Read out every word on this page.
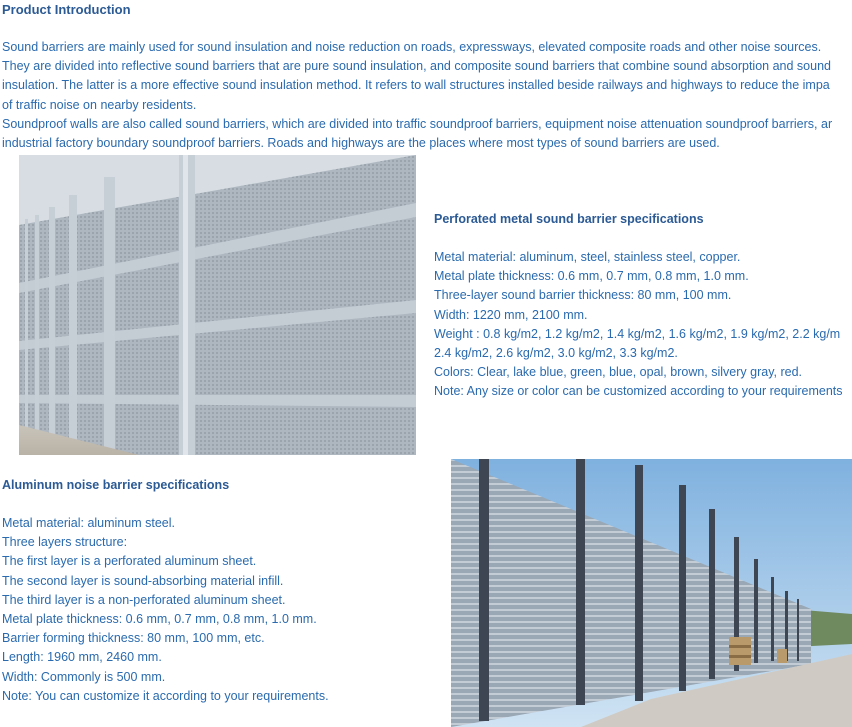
Product Introduction

Sound barriers are mainly used for sound insulation and noise reduction on roads, expressways, elevated composite roads and other noise sources.

They are divided into reflective sound barriers that are pure sound insulation, and composite sound barriers that combine sound absorption and sound

insulation. The latter is a more effective sound insulation method. It refers to wall structures installed beside railways and highways to reduce the impa

of traffic noise on nearby residents.

Soundproof walls are also called sound barriers, which are divided into traffic soundproof barriers, equipment noise attenuation soundproof barriers, ar

industrial factory boundary soundproof barriers. Roads and highways are the places where most types of sound barriers are used.

Perforated metal sound barrier specifications
Metal material: aluminum, steel, stainless steel, copper.
Metal plate thickness: 0.6 mm, 0.7 mm, 0.8 mm, 1.0 mm.
Three-layer sound barrier thickness: 80 mm, 100 mm.
Width: 1220 mm, 2100 mm.
Weight : 0.8 kg/m2, 1.2 kg/m2, 1.4 kg/m2, 1.6 kg/m2, 1.9 kg/m2, 2.2 kg/m
2.4 kg/m2, 2.6 kg/m2, 3.0 kg/m2, 3.3 kg/m2.
Colors: Clear, lake blue, green, blue, opal, brown, silvery gray, red.
Note: Any size or color can be customized according to your requirements
Aluminum noise barrier specifications
Metal material: aluminum steel.
Three layers structure:
The first layer is a perforated aluminum sheet.
The second layer is sound-absorbing material infill.
The third layer is a non-perforated aluminum sheet.
Metal plate thickness: 0.6 mm, 0.7 mm, 0.8 mm, 1.0 mm.
Barrier forming thickness: 80 mm, 100 mm, etc.
Length: 1960 mm, 2460 mm.
Width: Commonly is 500 mm.
Note: You can customize it according to your requirements.
